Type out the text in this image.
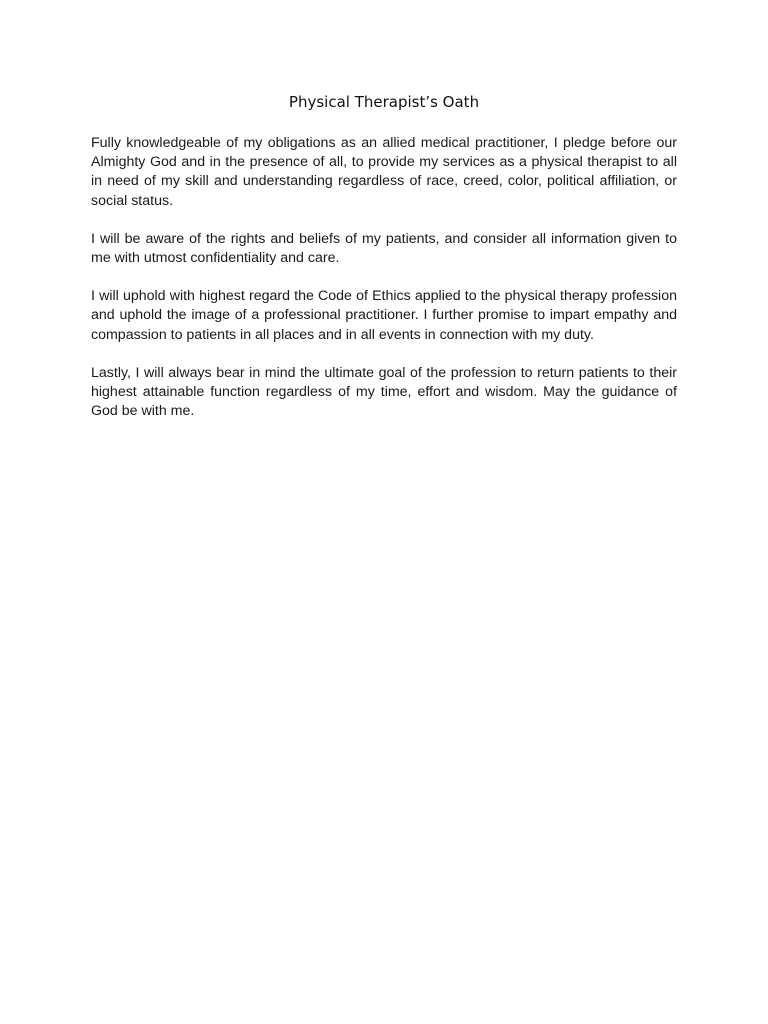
Physical Therapist’s Oath

Fully knowledgeable of my obligations as an allied medical practitioner, I pledge before our Almighty God and in the presence of all, to provide my services as a physical therapist to all in need of my skill and understanding regardless of race, creed, color, political affiliation, or social status.

I will be aware of the rights and beliefs of my patients, and consider all information given to me with utmost confidentiality and care.

I will uphold with highest regard the Code of Ethics applied to the physical therapy profession and uphold the image of a professional practitioner. I further promise to impart empathy and compassion to patients in all places and in all events in connection with my duty.

Lastly, I will always bear in mind the ultimate goal of the profession to return patients to their highest attainable function regardless of my time, effort and wisdom. May the guidance of God be with me.
